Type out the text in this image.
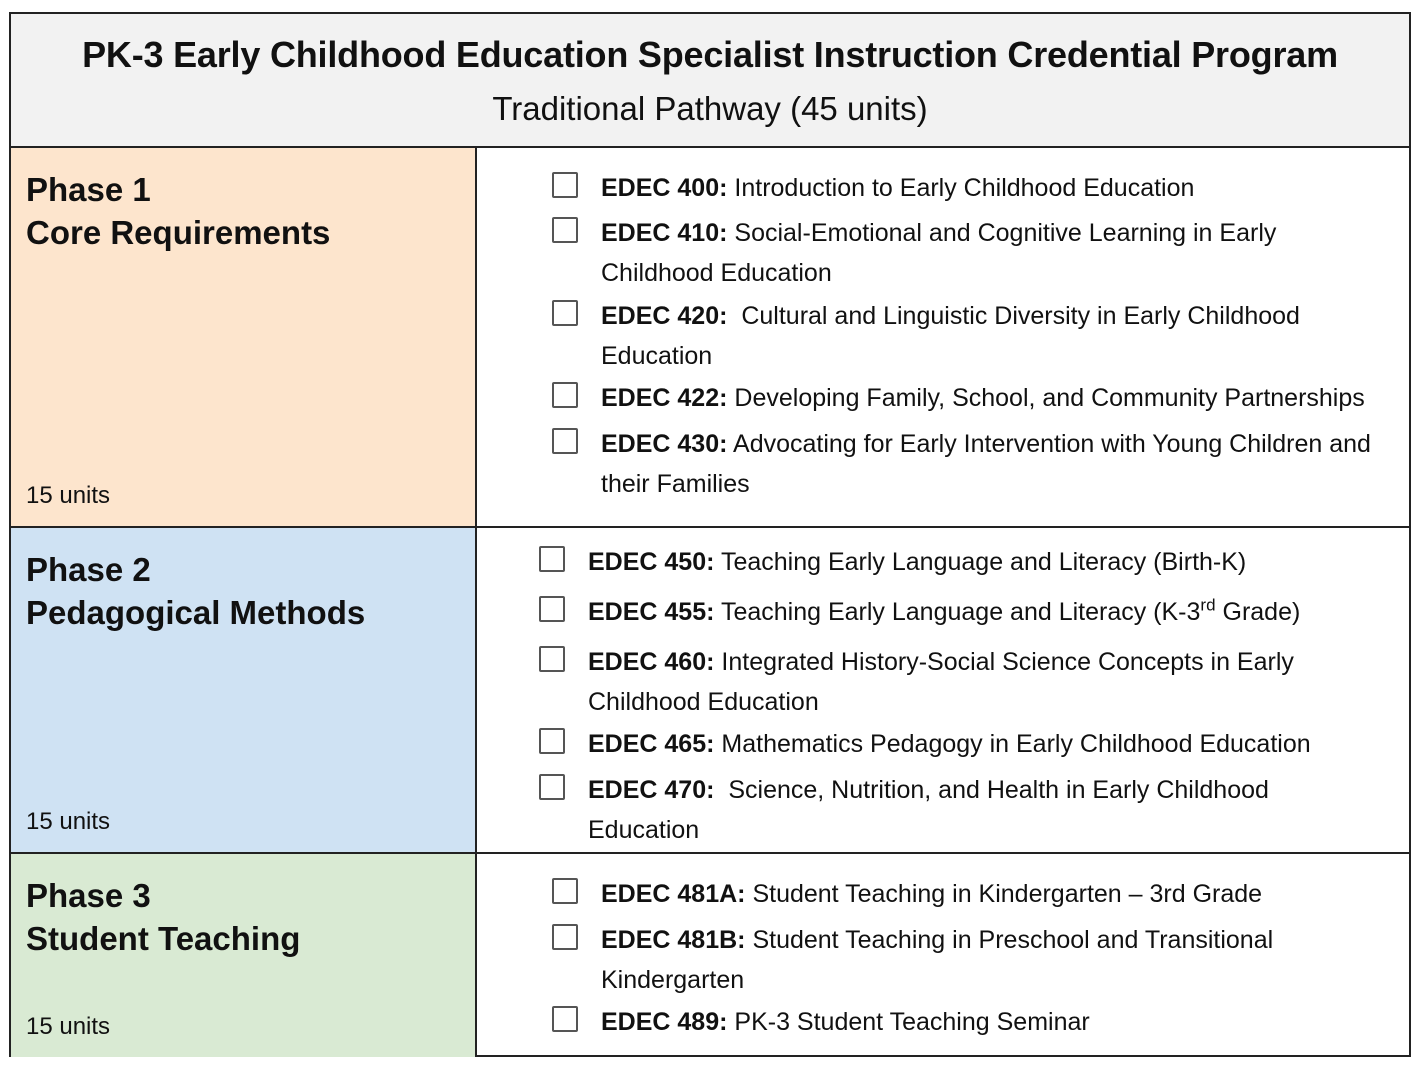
PK-3 Early Childhood Education Specialist Instruction Credential Program
Traditional Pathway (45 units)
Phase 1
Core Requirements
15 units
EDEC 400: Introduction to Early Childhood Education
EDEC 410: Social-Emotional and Cognitive Learning in Early Childhood Education
EDEC 420:  Cultural and Linguistic Diversity in Early Childhood Education
EDEC 422: Developing Family, School, and Community Partnerships
EDEC 430: Advocating for Early Intervention with Young Children and their Families
Phase 2
Pedagogical Methods
15 units
EDEC 450: Teaching Early Language and Literacy (Birth-K)
EDEC 455: Teaching Early Language and Literacy (K-3rd Grade)
EDEC 460: Integrated History-Social Science Concepts in Early Childhood Education
EDEC 465: Mathematics Pedagogy in Early Childhood Education
EDEC 470:  Science, Nutrition, and Health in Early Childhood Education
Phase 3
Student Teaching
15 units
EDEC 481A: Student Teaching in Kindergarten – 3rd Grade
EDEC 481B: Student Teaching in Preschool and Transitional Kindergarten
EDEC 489: PK-3 Student Teaching Seminar
